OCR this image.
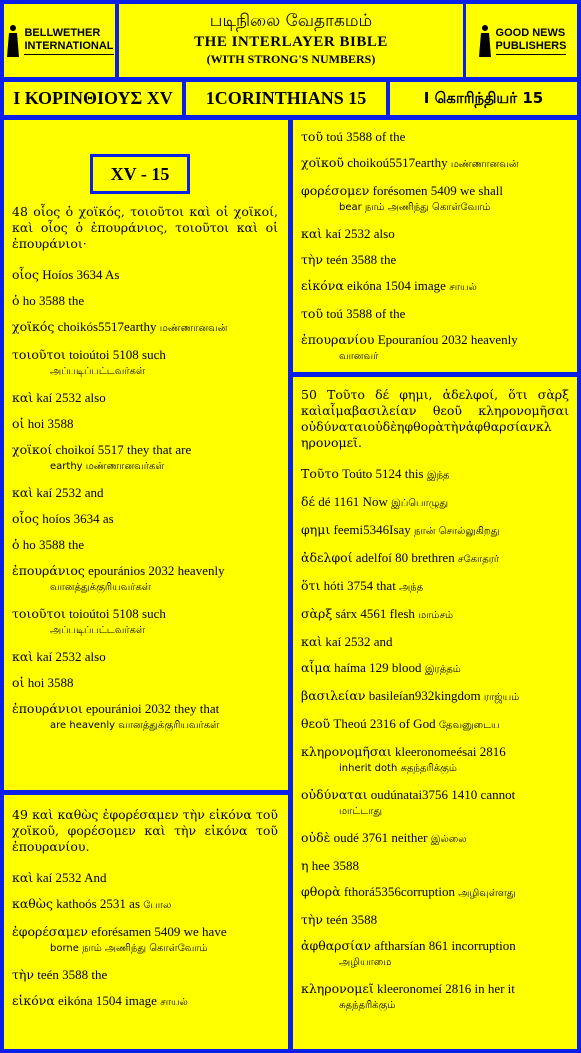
BELLWETHER
INTERNATIONAL
படிநிலை வேதாகமம்
THE INTERLAYER BIBLE
(WITH STRONG'S NUMBERS)
GOOD NEWS
PUBLISHERS
Ι ΚΟΡΙΝΘΙΟΥΣ XV	1CORINTHIANS 15	I கொரிந்தியர் 15
XV - 15
48 οἷος ὁ χοϊκός, τοιοῦτοι καὶ οἱ χοϊκοί, καὶ οἷος ὁ ἐπουράνιος, τοιοῦτοι καὶ οἱ ἐπουράνιοι·
οἷος Hoíos 3634 As
ὁ ho 3588 the
χοϊκός choikós5517earthy மண்ணானவன்
τοιοῦτοι toioútoi 5108 such
அப்படிப்பட்டவர்கள்
καὶ kaí 2532 also
οἱ hoi 3588
χοϊκοί choikoí 5517 they that are
earthy மண்ணானவர்கள்
καὶ kaí 2532 and
οἷος hoíos 3634 as
ὁ ho 3588 the
ἐπουράνιος epouránios 2032 heavenly
வானத்துக்குரியவர்கள்
τοιοῦτοι toioútoi 5108 such
அப்படிப்பட்டவர்கள்
καὶ kaí 2532 also
οἱ hoi 3588
ἐπουράνιοι epouránioi 2032 they that
are heavenly வானத்துக்குரியவர்கள்
49 καὶ καθὼς ἐφορέσαμεν τὴν εἰκόνα τοῦ χοϊκοῦ, φορέσομεν καὶ τὴν εἰκόνα τοῦ ἐπουρανίου.
καὶ kaí 2532 And
καθὼς kathoós 2531 as போல
ἐφορέσαμεν eforésamen 5409 we have
borne நாம் அணிந்து கொள்வோம்
τὴν teén 3588 the
εἰκόνα eikóna 1504 image சாயல்
τοῦ toú 3588 of the
χοϊκοῦ choikoú5517earthy மண்ணானவன்
φορέσομεν forésomen 5409 we shall
bear நாம் அணிந்து கொள்வோம்
καὶ kaí 2532 also
τὴν teén 3588 the
εἰκόνα eikóna 1504 image சாயல்
τοῦ toú 3588 of the
ἐπουρανίου Epouraníou 2032 heavenly
வானவர்
50 Τοῦτο δέ φημι, ἀδελφοί, ὅτι σὰρξ καὶαἷμαβασιλείαν θεοῦ κληρονομῆσαι οὐδύναταιοὐδὲηφθορὰτὴνἀφθαρσίανκλ ηρονομεῖ.
Τοῦτο Toúto 5124 this இந்த
δέ dé 1161 Now இப்பொழுது
φημι feemi5346Isay நான் சொல்லுகிறது
ἀδελφοί adelfoí 80 brethren சகோதரர்
ὅτι hóti 3754 that அந்த
σὰρξ sárx 4561 flesh மாம்சம்
καὶ kaí 2532 and
αἷμα haíma 129 blood இரத்தம்
βασιλείαν basileían932kingdom ராஜ்யம்
θεοῦ Theoú 2316 of God தேவனுடைய
κληρονομῆσαι kleeronomeésai 2816
inherit doth சுதந்தரிக்கும்
οὐδύναται oudúnatai3756 1410 cannot
மாட்டாது
οὐδὲ oudé 3761 neither இல்லை
η hee 3588
φθορὰ fthorá5356corruption அழிவுள்ளது
τὴν teén 3588
ἀφθαρσίαν aftharsían 861 incorruption
அழியாமை
κληρονομεῖ kleeronomeí 2816 in her it
சுதந்தரிக்கும்
